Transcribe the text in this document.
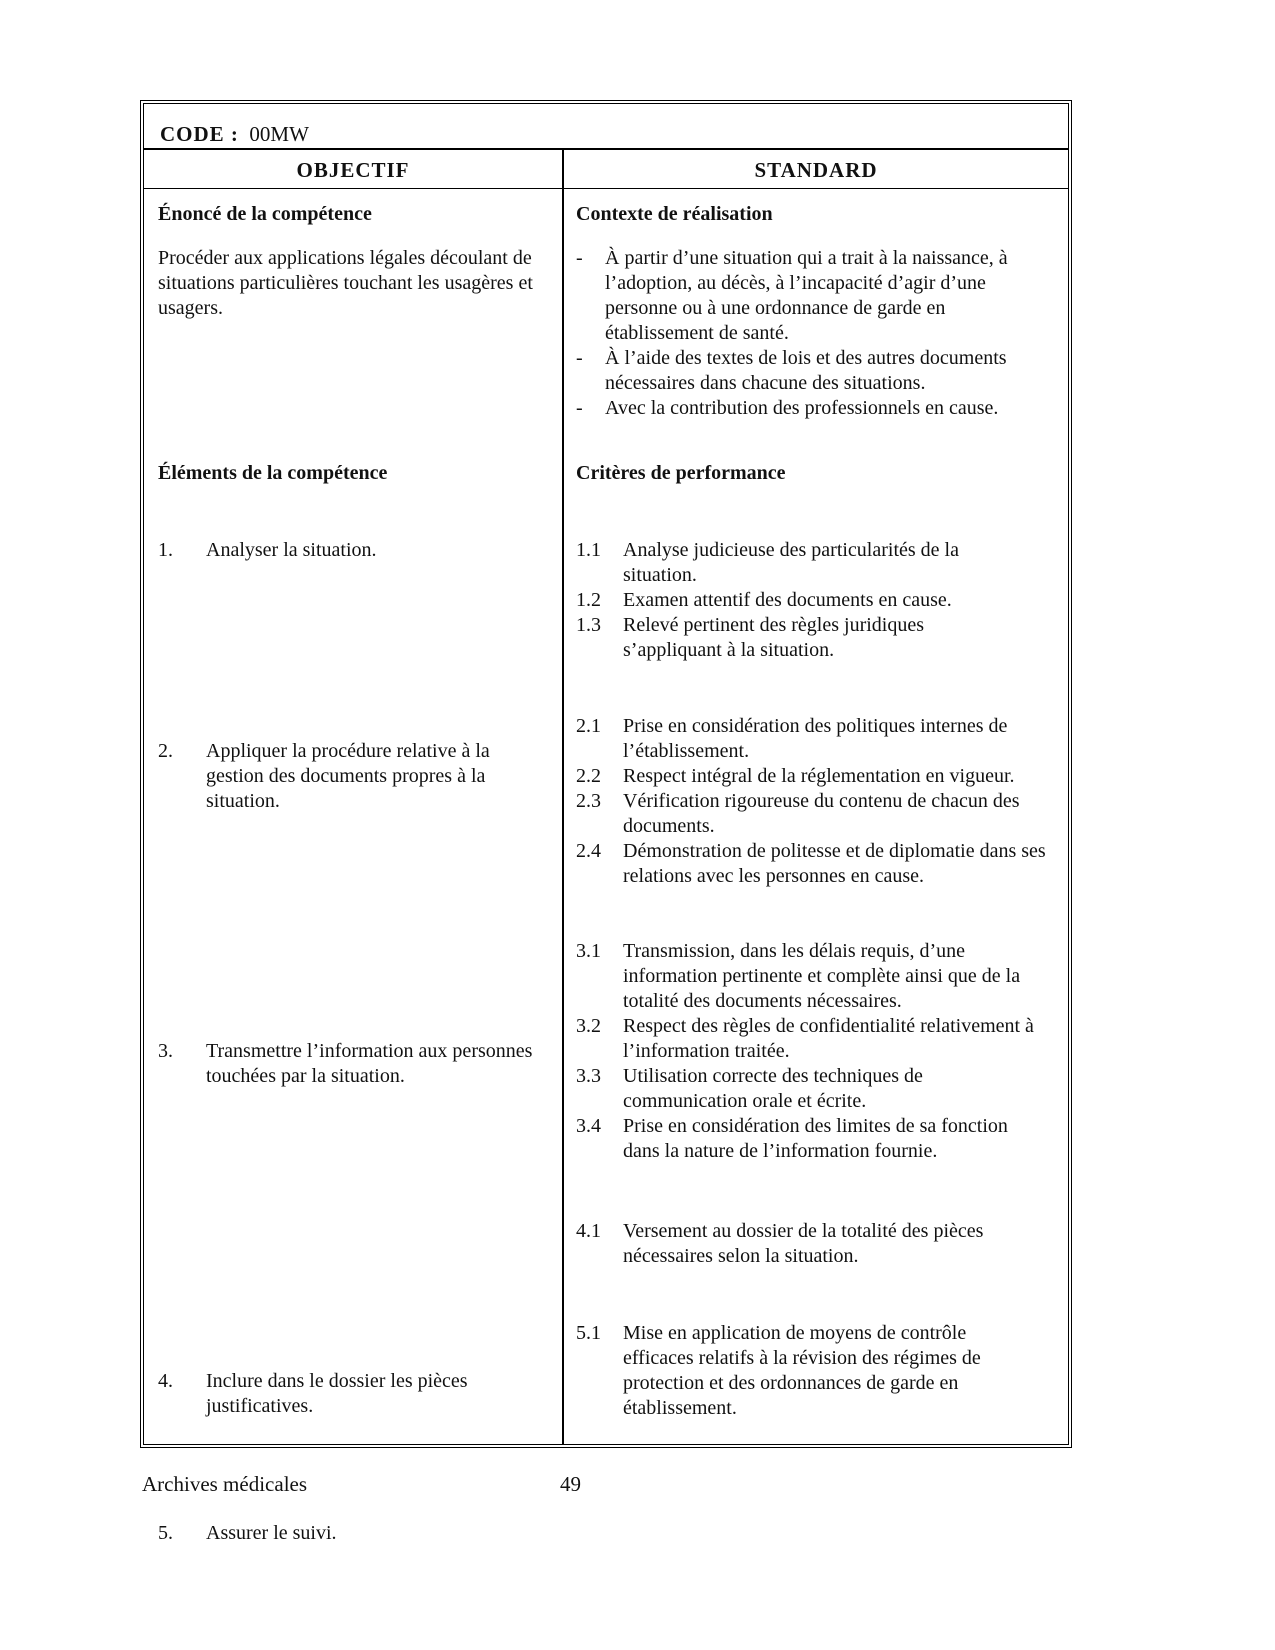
CODE : 00MW
OBJECTIF	STANDARD
Énoncé de la compétence
Procéder aux applications légales découlant de situations particulières touchant les usagères et usagers.
Éléments de la compétence
1. Analyser la situation.
2. Appliquer la procédure relative à la gestion des documents propres à la situation.
3. Transmettre l’information aux personnes touchées par la situation.
4. Inclure dans le dossier les pièces justificatives.
5. Assurer le suivi.
Contexte de réalisation
- À partir d’une situation qui a trait à la naissance, à l’adoption, au décès, à l’incapacité d’agir d’une personne ou à une ordonnance de garde en établissement de santé.
- À l’aide des textes de lois et des autres documents nécessaires dans chacune des situations.
- Avec la contribution des professionnels en cause.
Critères de performance
1.1 Analyse judicieuse des particularités de la situation.
1.2 Examen attentif des documents en cause.
1.3 Relevé pertinent des règles juridiques s’appliquant à la situation.
2.1 Prise en considération des politiques internes de l’établissement.
2.2 Respect intégral de la réglementation en vigueur.
2.3 Vérification rigoureuse du contenu de chacun des documents.
2.4 Démonstration de politesse et de diplomatie dans ses relations avec les personnes en cause.
3.1 Transmission, dans les délais requis, d’une information pertinente et complète ainsi que de la totalité des documents nécessaires.
3.2 Respect des règles de confidentialité relativement à l’information traitée.
3.3 Utilisation correcte des techniques de communication orale et écrite.
3.4 Prise en considération des limites de sa fonction dans la nature de l’information fournie.
4.1 Versement au dossier de la totalité des pièces nécessaires selon la situation.
5.1 Mise en application de moyens de contrôle efficaces relatifs à la révision des régimes de protection et des ordonnances de garde en établissement.
Archives médicales	49
